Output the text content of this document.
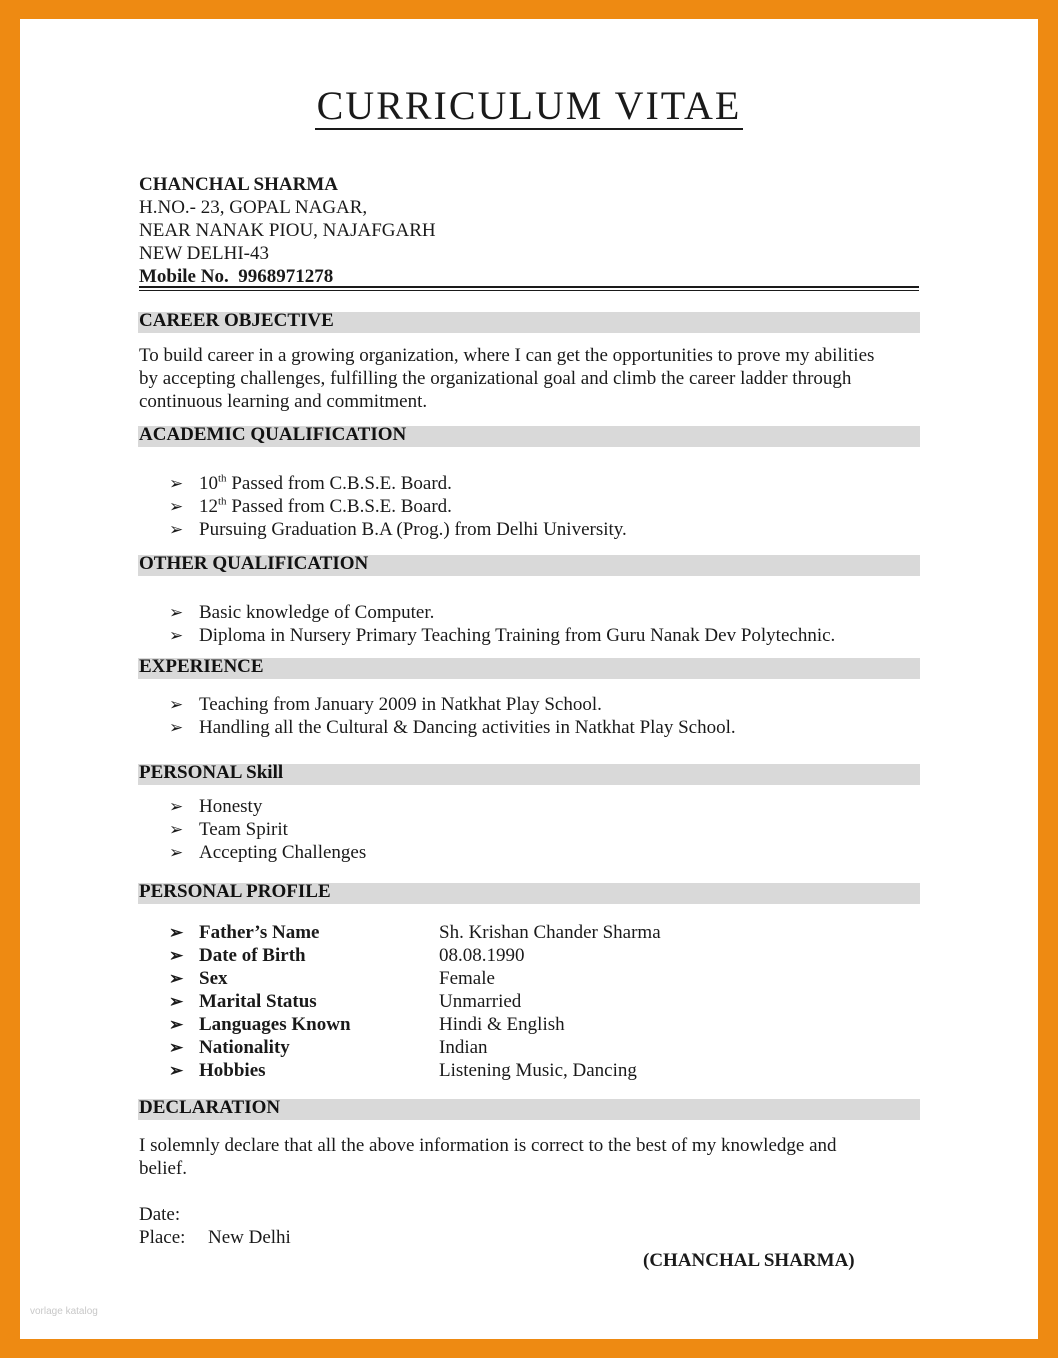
CURRICULUM VITAE
CHANCHAL SHARMA
H.NO.- 23, GOPAL NAGAR,
NEAR NANAK PIOU, NAJAFGARH
NEW DELHI-43
Mobile No.  9968971278
CAREER OBJECTIVE
To build career in a growing organization, where I can get the opportunities to prove my abilities
by accepting challenges, fulfilling the organizational goal and climb the career ladder through
continuous learning and commitment.
ACADEMIC QUALIFICATION
➢ 10th Passed from C.B.S.E. Board.
➢ 12th Passed from C.B.S.E. Board.
➢ Pursuing Graduation B.A (Prog.) from Delhi University.
OTHER QUALIFICATION
➢ Basic knowledge of Computer.
➢ Diploma in Nursery Primary Teaching Training from Guru Nanak Dev Polytechnic.
EXPERIENCE
➢ Teaching from January 2009 in Natkhat Play School.
➢ Handling all the Cultural & Dancing activities in Natkhat Play School.
PERSONAL Skill
➢ Honesty
➢ Team Spirit
➢ Accepting Challenges
PERSONAL PROFILE
➢ Father’s Name	Sh. Krishan Chander Sharma
➢ Date of Birth	08.08.1990
➢ Sex	Female
➢ Marital Status	Unmarried
➢ Languages Known	Hindi & English
➢ Nationality	Indian
➢ Hobbies	Listening Music, Dancing
DECLARATION
I solemnly declare that all the above information is correct to the best of my knowledge and
belief.
Date:
Place: New Delhi
(CHANCHAL SHARMA)
vorlage katalog
